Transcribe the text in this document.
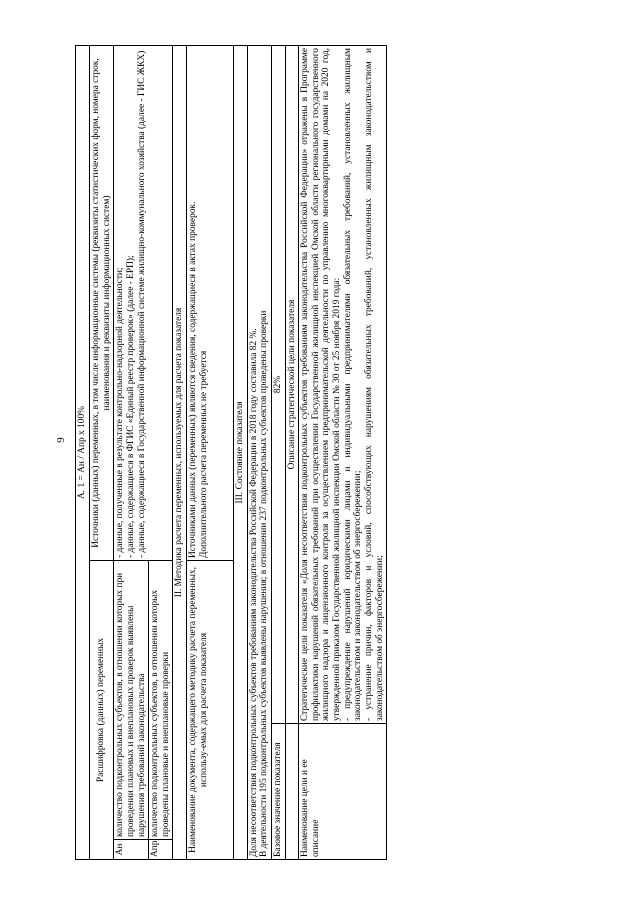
9 A. 1 = Ан / Апр х 100%			
Расшифровка (данных) переменных			Источники (данных) переменных, в том числе информационные системы (реквизиты статистических форм, номера строк, наименования и реквизиты информационных систем)
Ан	количество подконтрольных субъектов, в отношении которых при проведении плановых и внеплановых проверок выявлены нарушения требований законодательства		- данные, полученные в результате контрольно-надзорной деятельности; - данные, содержащиеся в ФГИС «Единый реестр проверок» (далее - ЕРП); - данные, содержащиеся в Государственной информационной системе жилищно-коммунального хозяйства (далее - ГИС ЖКХ)

Апр	количество подконтрольных субъектов, в отношении которых проведены плановые и внеплановые проверки		
II. Методика расчета переменных, используемых для расчета показателя			
Наименование документа, содержащего методику расчета переменных, использу-емых для расчета показателя			Источниками данных (переменных) являются сведения, содержащиеся в актах проверок. Дополнительного расчета переменных не требуется

III. Состояние показателя			

Доля несоответствия подконтрольных субъектов требованиям законодательства Российской Федерации в 2018 году составила 82 %. В деятельности 195 подконтрольных субъектов выявлены нарушения; в отношении 237 подконтрольных субъектов проведены проверки			

Базовое значение показателя		82%	
		Описание стратегической цели показателя	
Наименование цели и ее описание		Стратегические цели показателя «Доля несоответствия подконтрольных субъектов требованиям законодательства Российской Федерации» отражены в Программе профилактики нарушений обязательных требований при осуществлении Государственной жилищной инспекцией Омской области регионального государственного жилищного надзора и лицензионного контроля за осуществлением предпринимательской деятельности по управлению многоквартирными домами на 2020 год, утвержденной приказом Государственной жилищной инспекции Омской области № 30 от 25 ноября 2019 года: - предупреждение нарушений юридическими лицами и индивидуальными предпринимателями обязательных требований, установленных жилищным законодательством и законодательством об энергосбережении; - устранение причин, факторов и условий, способствующих нарушениям обязательных требований, установленных жилищным законодательством и законодательством об энергосбережении;	
